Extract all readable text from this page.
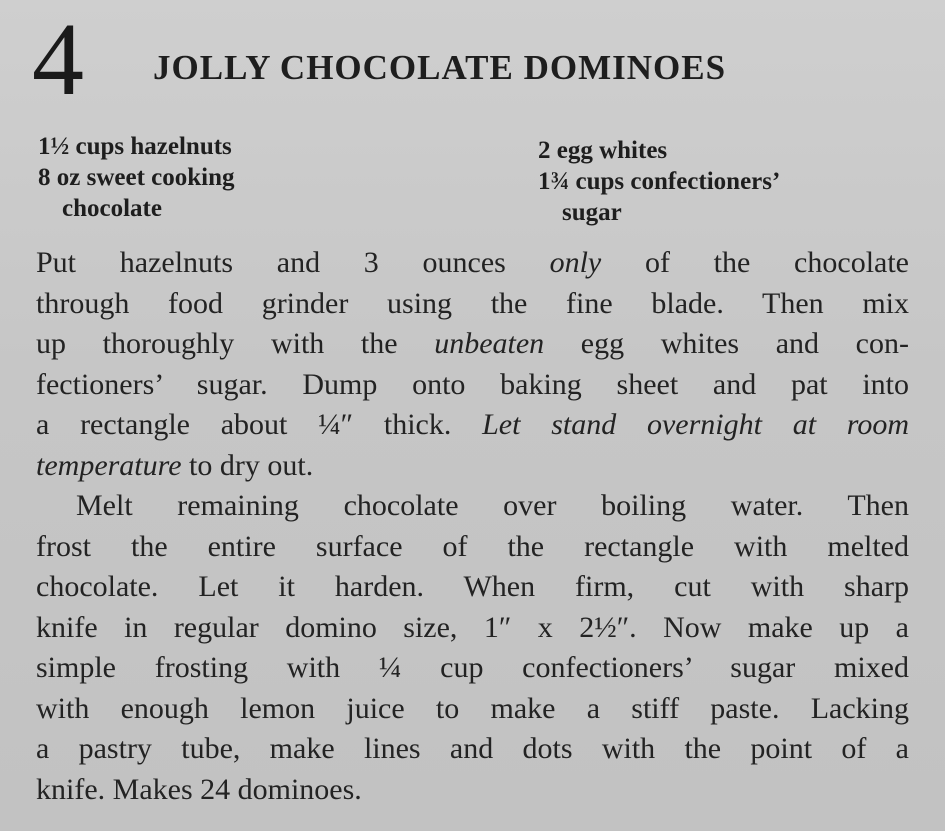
4 JOLLY CHOCOLATE DOMINOES
1½ cups hazelnuts
8 oz sweet cooking
chocolate
2 egg whites
1¾ cups confectioners’
sugar
Put hazelnuts and 3 ounces only of the chocolate
through food grinder using the fine blade. Then mix
up thoroughly with the unbeaten egg whites and con-
fectioners’ sugar. Dump onto baking sheet and pat into
a rectangle about ¼″ thick. Let stand overnight at room
temperature to dry out.
Melt remaining chocolate over boiling water. Then
frost the entire surface of the rectangle with melted
chocolate. Let it harden. When firm, cut with sharp
knife in regular domino size, 1″ x 2½″. Now make up a
simple frosting with ¼ cup confectioners’ sugar mixed
with enough lemon juice to make a stiff paste. Lacking
a pastry tube, make lines and dots with the point of a
knife. Makes 24 dominoes.
